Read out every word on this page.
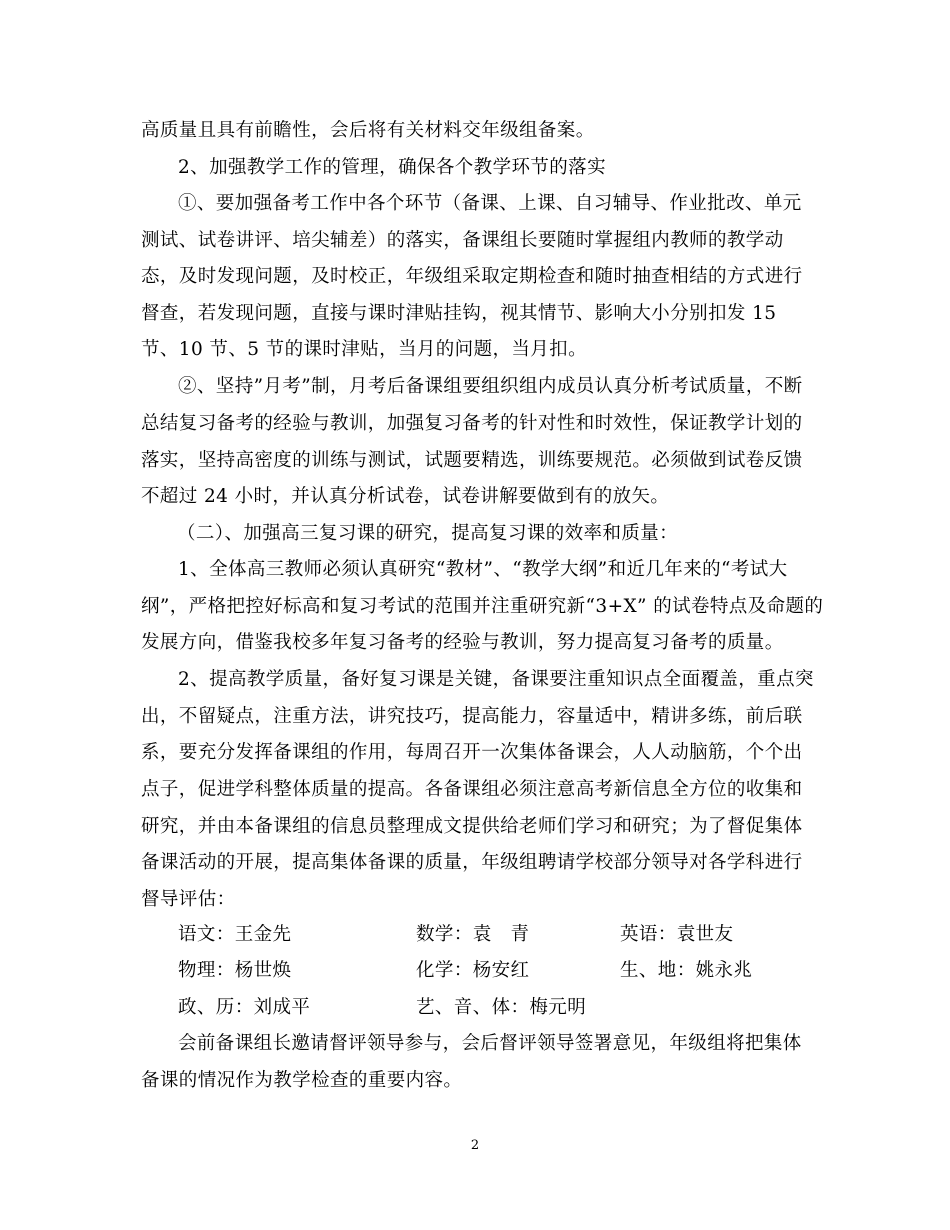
高质量且具有前瞻性，会后将有关材料交年级组备案。
2、加强教学工作的管理，确保各个教学环节的落实
①、要加强备考工作中各个环节（备课、上课、自习辅导、作业批改、单元
测试、试卷讲评、培尖辅差）的落实，备课组长要随时掌握组内教师的教学动
态，及时发现问题，及时校正，年级组采取定期检查和随时抽查相结的方式进行
督查，若发现问题，直接与课时津贴挂钩，视其情节、影响大小分别扣发 15
节、10 节、5 节的课时津贴，当月的问题，当月扣。
②、坚持”月考”制，月考后备课组要组织组内成员认真分析考试质量，不断
总结复习备考的经验与教训，加强复习备考的针对性和时效性，保证教学计划的
落实，坚持高密度的训练与测试，试题要精选，训练要规范。必须做到试卷反馈
不超过 24 小时，并认真分析试卷，试卷讲解要做到有的放矢。
（二）、加强高三复习课的研究，提高复习课的效率和质量：
1、全体高三教师必须认真研究“教材”、“教学大纲”和近几年来的“考试大
纲”，严格把控好标高和复习考试的范围并注重研究新“3+X” 的试卷特点及命题的
发展方向，借鉴我校多年复习备考的经验与教训，努力提高复习备考的质量。
2、提高教学质量，备好复习课是关键，备课要注重知识点全面覆盖，重点突
出，不留疑点，注重方法，讲究技巧，提高能力，容量适中，精讲多练，前后联
系，要充分发挥备课组的作用，每周召开一次集体备课会，人人动脑筋，个个出
点子，促进学科整体质量的提高。各备课组必须注意高考新信息全方位的收集和
研究，并由本备课组的信息员整理成文提供给老师们学习和研究；为了督促集体
备课活动的开展，提高集体备课的质量，年级组聘请学校部分领导对各学科进行
督导评估：
语文：王金先	数学：袁　青	英语：袁世友
物理：杨世焕	化学：杨安红	生、地：姚永兆
政、历：刘成平	艺、音、体：梅元明
会前备课组长邀请督评领导参与，会后督评领导签署意见，年级组将把集体
备课的情况作为教学检查的重要内容。
2
